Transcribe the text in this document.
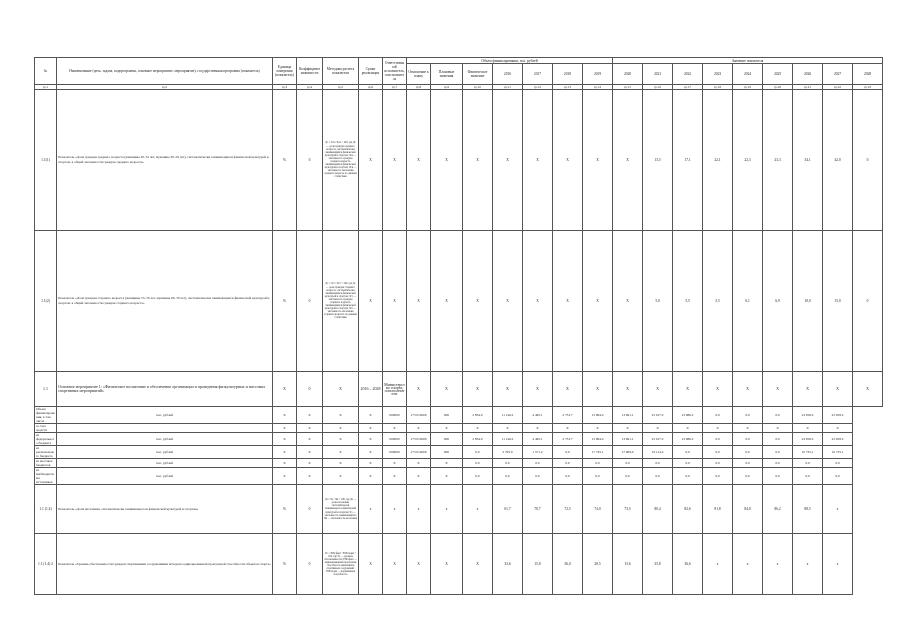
№	Наименование (цель, задача, подпрограмма, основное мероприятие, мероприятие), государственная программа (показатель)	Единица измерения (показатель)	Коэффициент значимости	Методика расчета показателя	Сроки реализации	Ответственный исполнитель, соисполнитель	Объем финансирования, тыс. рублей							Значение показателя									
							Отношение к плану	Плановые значения	Фактическое значение	2016	2017	2018	2019	2020	2021	2022	2023	2024	2025	2026	2027	2028	
гр.1	гр.2	гр.3	гр.4	гр.5	гр.6	гр.7	гр.8	гр.9	гр.10	гр.11	гр.12	гр.13	гр.14	гр.15	гр.16	гр.17	гр.18	гр.19	гр.20	гр.21	гр.22	гр.23	
1.1(1)	Показатель «Доля граждан среднего возраста (женщины 30–54 лет, мужчины 30–59 лет), систематически занимающихся физической культурой и спортом, в общей численности граждан среднего возраста»	%	0	Дс = Зсв / Чсв × 100, где Дс — доля граждан среднего возраста, систематически занимающихся физической культурой и спортом; Зсв — численность граждан среднего возраста, занимающихся физической культурой и спортом; Чсв — численность населения среднего возраста по данным статистики	X	X	X	X	X	X	X	X	X	X	13,5	17,1	22,1	22,3	23,3	34,1	42,0	0	
1.1(2)	Показатель «Доля граждан старшего возраста (женщины 55–79 лет, мужчины 60–79 лет), систематически занимающихся физической культурой и спортом, в общей численности граждан старшего возраста»	%	0	Дс = Зст / Чст × 100, где Дс — доля граждан старшего возраста, систематически занимающихся физической культурой и спортом; Зст — численность граждан старшего возраста, занимающихся физической культурой и спортом; Чст — численность населения старшего возраста по данным статистики	X	X	X	X	X	X	X	X	X	X	5,0	5,5	5,5	6,1	6,9	10,0	15,0	0	
1.1	Основное мероприятие 1: «Физическое воспитание и обеспечение организации и проведения физкультурных и массовых спортивных мероприятий»	X	0	X	2016 – 2028	Министерство спорта, соисполнители	X	X	X	X	X	X	X	X	X	X	X	X	X	X	X	X	
Объем финансирования, в том числе	тыс. рублей	X	X	X	X	000000	173 012000	000	2 834,0	11 146,2	4 465,1	2 733,7	13 994,0	13 691,1	23 107,2	23 086,2	0,0	0,0	0,0	22 818,2	22 818,2		
за счет средств		X	X	X	X	X	X	X	X	X	X	X	X	X	X	X	X	X	X	X	X		
из федерального бюджета	тыс. рублей	X	X	X	X	000000	173 012000	000	2 834,0	11 146,2	4 465,1	2 733,7	13 994,0	13 691,1	23 107,2	23 086,2	0,0	0,0	0,0	22 818,2	22 818,2		
из регионального бюджета	тыс. рублей	X	X	X	X	000000	173 012000	000	0,0	2 795,0	1 571,2	0,0	17 745,1	17 609,9	23 114,2	0,0	0,0	0,0	0,0	10 735,1	10 735,1		
из местных бюджетов	тыс. рублей	X	X	X	X	X	X	X	0,0	0,0	0,0	0,0	0,0	0,0	0,0	0,0	0,0	0,0	0,0	0,0	0,0		
из внебюджетных источников	тыс. рублей	X	X	X	X	X	X	X	0,0	0,0	0,0	0,0	0,0	0,0	0,0	0,0	0,0	0,0	0,0	0,0	0,0		
1.1 (1.4)	Показатель «Доля населения, систематически занимающегося физической культурой и спортом»	%	0	Дз = Чз / Чн × 100, где Дз — доля населения, систематически занимающегося физической культурой и спортом; Чз — численность занимающихся; Чн — численность населения	х	х	х	х	х	61,7	70,7	72,5	74,0	73,5	80,4	82,6	81,8	84,0	86,2	88,5	х		
1.1 (1.4) 2	Показатель «Уровень обеспеченности граждан спортивными сооружениями исходя из единовременной пропускной способности объектов спорта»	%	0	Уо = ЕПСфакт / ЕПСнорм × 100, где Уо — уровень обеспеченности; ЕПСфакт — единовременная пропускная способность имеющихся спортивных сооружений; ЕПСнорм — нормативная потребность	X	X	X	X	X	33,6	15,8	36,0	28,5	15,6	35,8	36,6	x	x	x	x	x		
